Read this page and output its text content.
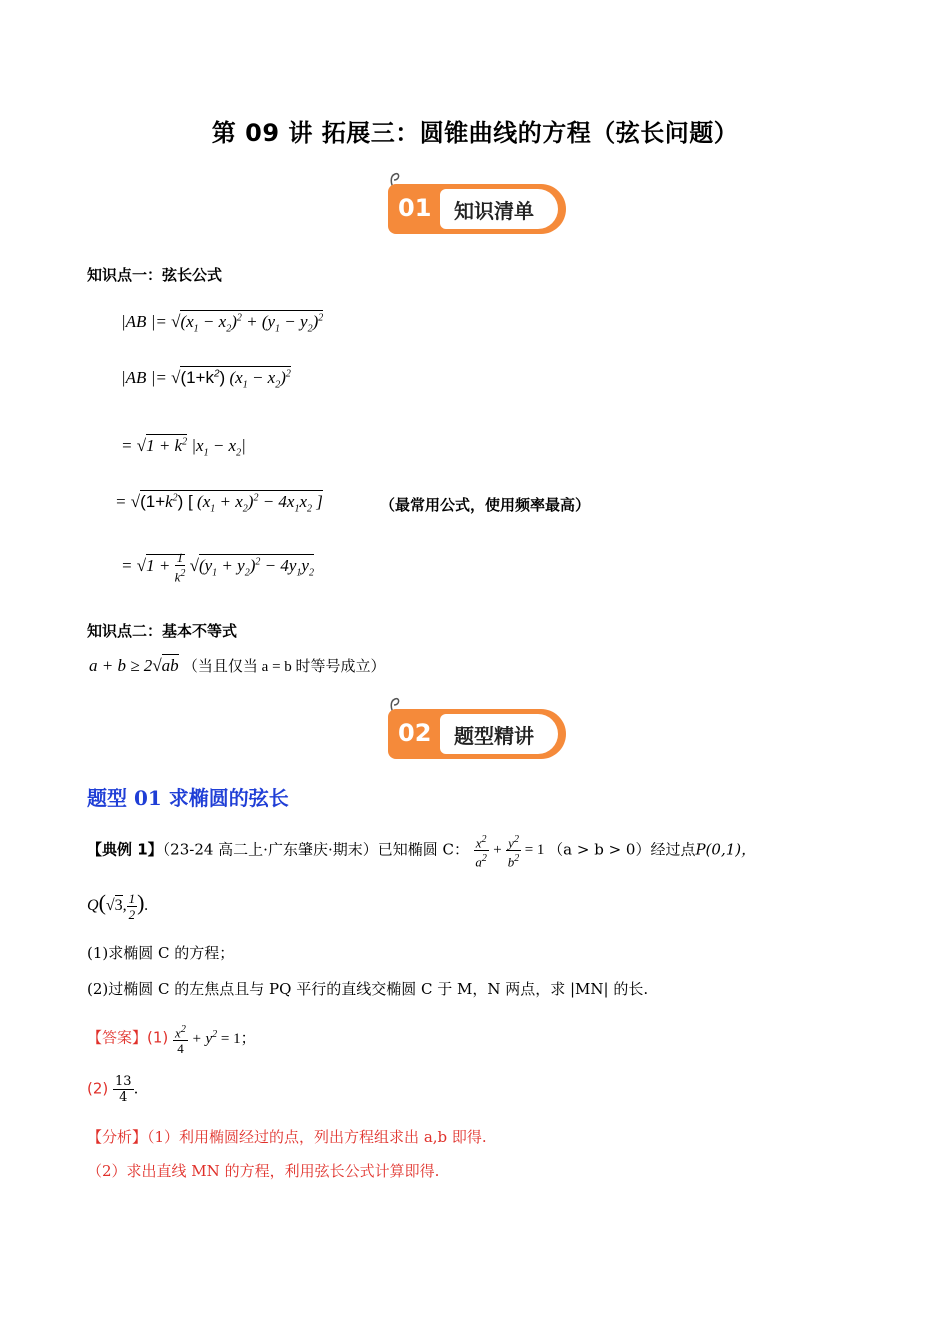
第 09 讲 拓展三：圆锥曲线的方程（弦长问题）
01 知识清单
知识点一：弦长公式
|AB |= $√(x_1 - x_2)^2 + (y_1 - y_2)^2$
|AB |= $√(1+k^2) (x_1 - x_2)^2$
= $√1 + k^2$ $|x_1 - x_2|$
= $√(1+k^2)$ [ $(x_1 + x_2)^2 - 4x_1x_2$ ]	（最常用公式，使用频率最高）
= $√1 + \frac{1}{k^2} √(y_1 + y_2)^2 - 4y_1y_2$
知识点二：基本不等式
a + b ≥ 2√ab （当且仅当 a = b 时等号成立）
02 题型精讲
题型 01 求椭圆的弦长
【典例 1】（23-24 高二上·广东肇庆·期末）已知椭圆 C： $\frac{x^2}{a^2} + \frac{y^2}{b^2} = 1$ （a > b > 0）经过点P(0,1)，
Q(√3, $\frac{1}{2}$ ).
(1)求椭圆 C 的方程；
(2)过椭圆 C 的左焦点且与 PQ 平行的直线交椭圆 C 于 M，N 两点，求 |MN| 的长.
【答案】$(1) \frac{x^2}{4} + y^2 = 1$；
$(2) \frac{13}{4}$ .
【分析】（1）利用椭圆经过的点，列出方程组求出 a,b 即得.
（2）求出直线 MN 的方程，利用弦长公式计算即得.
